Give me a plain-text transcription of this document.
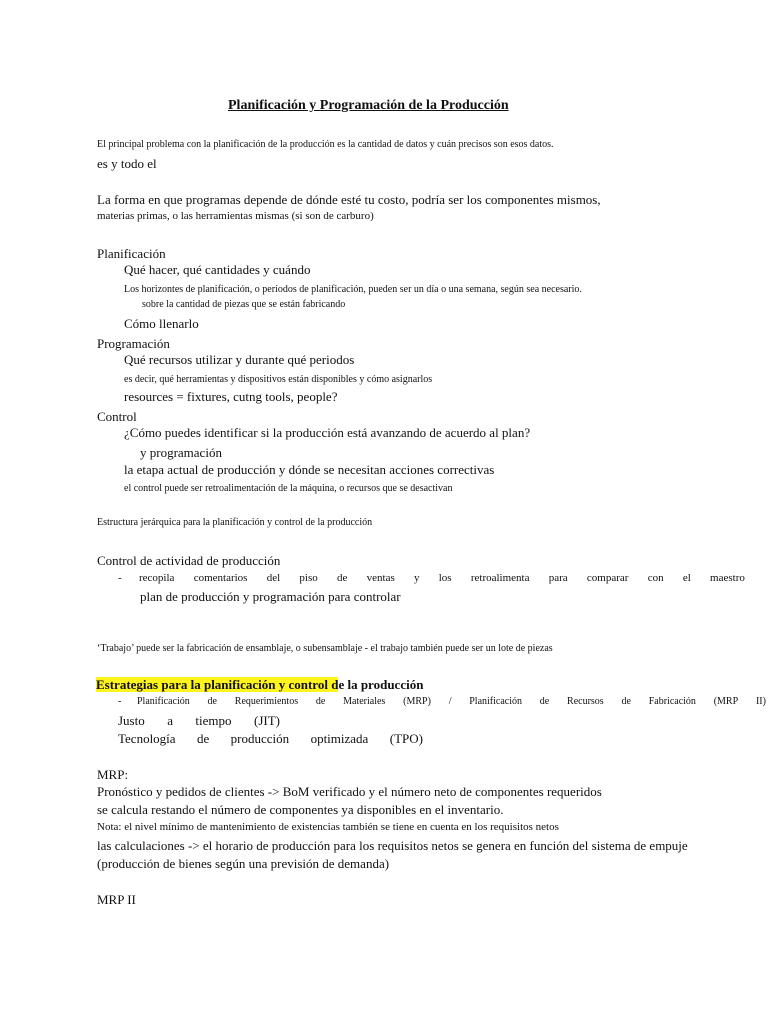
Planificación y Programación de la Producción
El principal problema con la planificación de la producción es la cantidad de datos y cuán precisos son esos datos.
es y todo el
La forma en que programas depende de dónde esté tu costo, podría ser los componentes mismos,
materias primas, o las herramientas mismas (si son de carburo)
Planificación
Qué hacer, qué cantidades y cuándo
Los horizontes de planificación, o períodos de planificación, pueden ser un día o una semana, según sea necesario.
sobre la cantidad de piezas que se están fabricando
Cómo llenarlo
Programación
Qué recursos utilizar y durante qué periodos
es decir, qué herramientas y dispositivos están disponibles y cómo asignarlos
resources = fixtures, cutng tools, people?
Control
¿Cómo puedes identificar si la producción está avanzando de acuerdo al plan?
y programación
la etapa actual de producción y dónde se necesitan acciones correctivas
el control puede ser retroalimentación de la máquina, o recursos que se desactivan
Estructura jerárquica para la planificación y control de la producción
Control de actividad de producción
- recopila comentarios del piso de ventas y los retroalimenta para comparar con el maestro
plan de producción y programación para controlar
‘Trabajo’ puede ser la fabricación de ensamblaje, o subensamblaje - el trabajo también puede ser un lote de piezas
Estrategias para la planificación y control de la producción
- Planificación de Requerimientos de Materiales (MRP) / Planificación de Recursos de Fabricación (MRP II)
Justo a tiempo (JIT)
Tecnología de producción optimizada (TPO)
MRP:
Pronóstico y pedidos de clientes -> BoM verificado y el número neto de componentes requeridos
se calcula restando el número de componentes ya disponibles en el inventario.
Nota: el nivel mínimo de mantenimiento de existencias también se tiene en cuenta en los requisitos netos
las calculaciones -> el horario de producción para los requisitos netos se genera en función del sistema de empuje
(producción de bienes según una previsión de demanda)
MRP II
